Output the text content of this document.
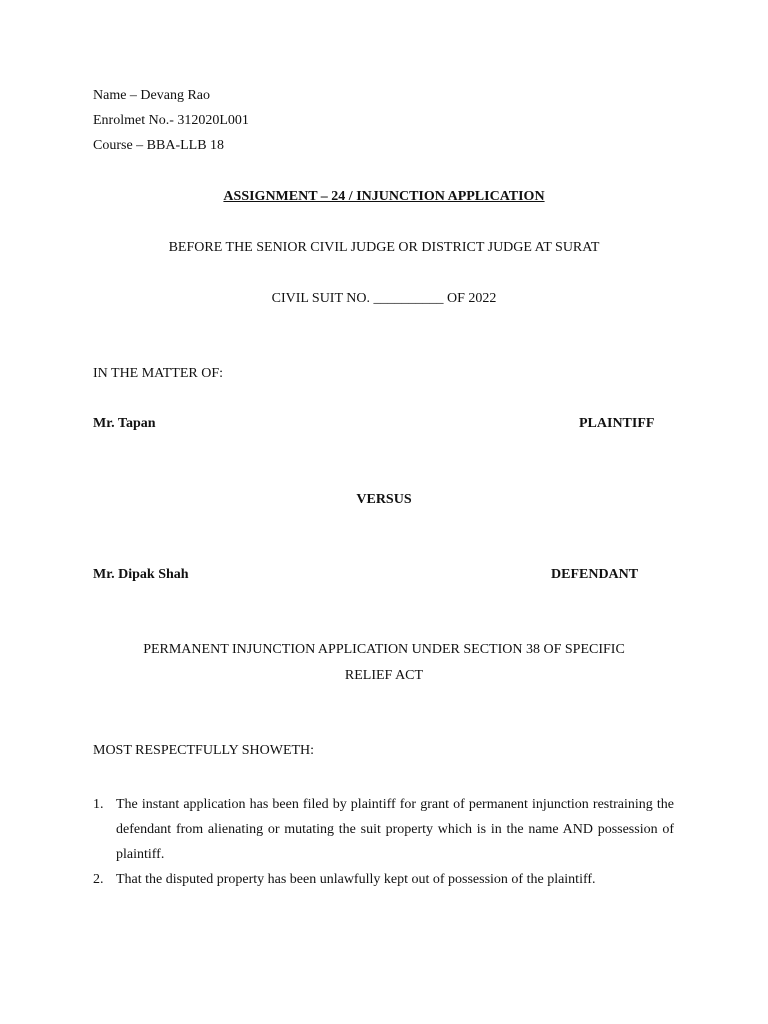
Name – Devang Rao
Enrolmet No.- 312020L001
Course – BBA-LLB 18
ASSIGNMENT – 24 / INJUNCTION APPLICATION
BEFORE THE SENIOR CIVIL JUDGE OR DISTRICT JUDGE AT SURAT
CIVIL SUIT NO. __________ OF 2022
IN THE MATTER OF:
Mr. Tapan	PLAINTIFF
VERSUS
Mr. Dipak Shah	DEFENDANT
PERMANENT INJUNCTION APPLICATION UNDER SECTION 38 OF SPECIFIC
RELIEF ACT
MOST RESPECTFULLY SHOWETH:
1. The instant application has been filed by plaintiff for grant of permanent injunction restraining the defendant from alienating or mutating the suit property which is in the name AND possession of plaintiff.
2. That the disputed property has been unlawfully kept out of possession of the plaintiff.
